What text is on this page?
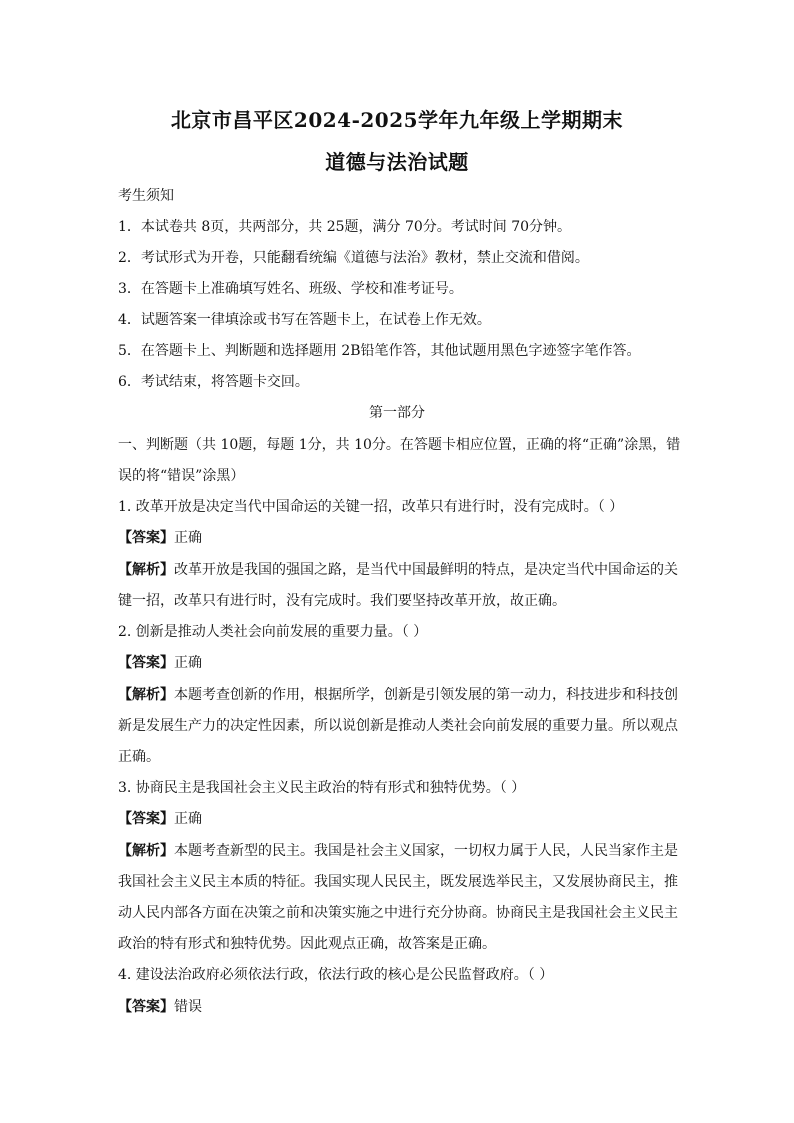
北京市昌平区2024-2025学年九年级上学期期末
道德与法治试题
考生须知
1．本试卷共 8页，共两部分，共 25题，满分 70分。考试时间 70分钟。
2．考试形式为开卷，只能翻看统编《道德与法治》教材，禁止交流和借阅。
3．在答题卡上准确填写姓名、班级、学校和准考证号。
4．试题答案一律填涂或书写在答题卡上，在试卷上作无效。
5．在答题卡上、判断题和选择题用 2B铅笔作答，其他试题用黑色字迹签字笔作答。
6．考试结束，将答题卡交回。
第一部分
一、判断题（共 10题，每题 1分，共 10分。在答题卡相应位置，正确的将“正确”涂黑，错
误的将“错误”涂黑）
1. 改革开放是决定当代中国命运的关键一招，改革只有进行时，没有完成时。（ ）
【答案】正确
【解析】改革开放是我国的强国之路，是当代中国最鲜明的特点，是决定当代中国命运的关
键一招，改革只有进行时，没有完成时。我们要坚持改革开放，故正确。
2. 创新是推动人类社会向前发展的重要力量。（ ）
【答案】正确
【解析】本题考查创新的作用，根据所学，创新是引领发展的第一动力，科技进步和科技创
新是发展生产力的决定性因素，所以说创新是推动人类社会向前发展的重要力量。所以观点
正确。
3. 协商民主是我国社会主义民主政治的特有形式和独特优势。（ ）
【答案】正确
【解析】本题考查新型的民主。我国是社会主义国家，一切权力属于人民，人民当家作主是
我国社会主义民主本质的特征。我国实现人民民主，既发展选举民主，又发展协商民主，推
动人民内部各方面在决策之前和决策实施之中进行充分协商。协商民主是我国社会主义民主
政治的特有形式和独特优势。因此观点正确，故答案是正确。
4. 建设法治政府必须依法行政，依法行政的核心是公民监督政府。（ ）
【答案】错误
